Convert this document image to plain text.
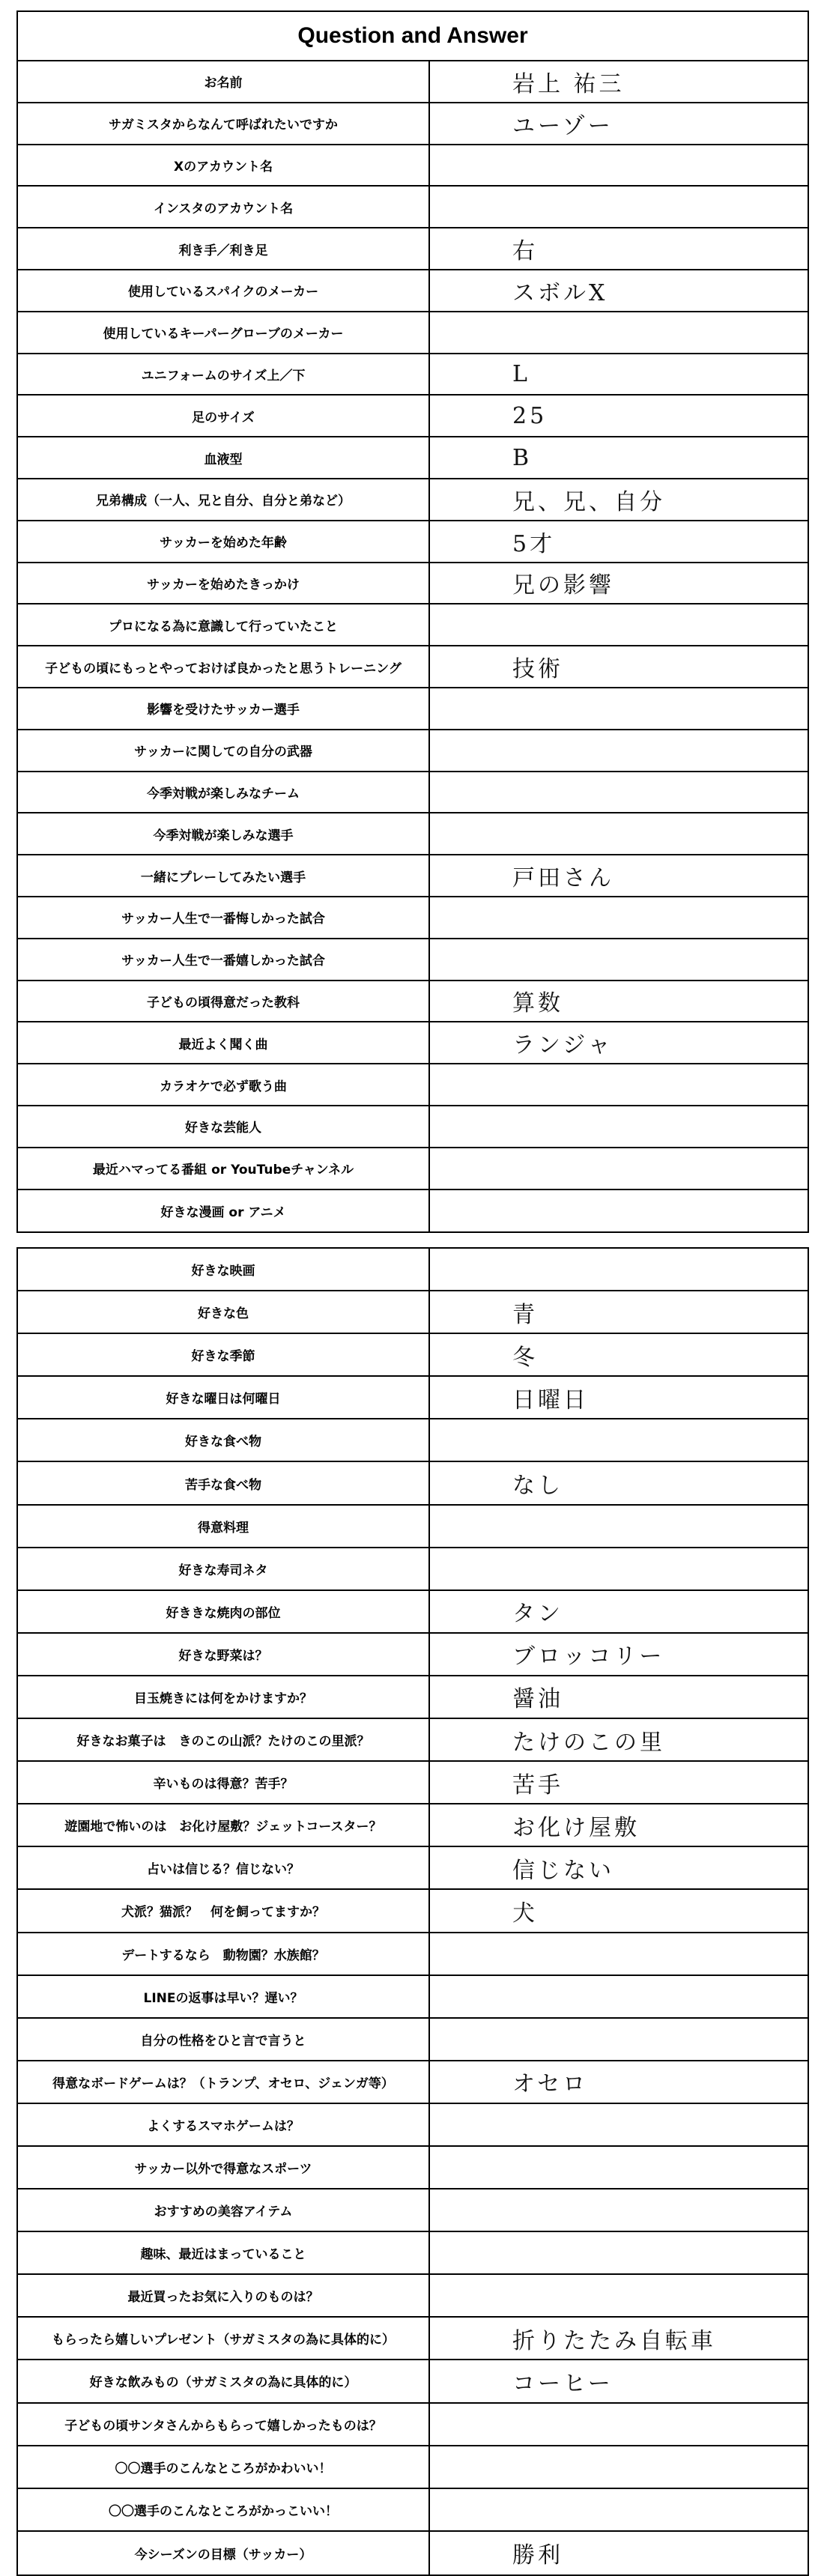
Question and Answer
お名前	岩上 祐三
サガミスタからなんて呼ばれたいですか	ユーゾー
Xのアカウント名
インスタのアカウント名
利き手／利き足	右
使用しているスパイクのメーカー	スボルX
使用しているキーパーグローブのメーカー
ユニフォームのサイズ上／下	L
足のサイズ	25
血液型	B
兄弟構成（一人、兄と自分、自分と弟など）	兄、兄、自分
サッカーを始めた年齢	5才
サッカーを始めたきっかけ	兄の影響
プロになる為に意識して行っていたこと
子どもの頃にもっとやっておけば良かったと思うトレーニング	技術
影響を受けたサッカー選手
サッカーに関しての自分の武器
今季対戦が楽しみなチーム
今季対戦が楽しみな選手
一緒にプレーしてみたい選手	戸田さん
サッカー人生で一番悔しかった試合
サッカー人生で一番嬉しかった試合
子どもの頃得意だった教科	算数
最近よく聞く曲	ランジャ
カラオケで必ず歌う曲
好きな芸能人
最近ハマってる番組 or YouTubeチャンネル
好きな漫画 or アニメ
好きな映画
好きな色	青
好きな季節	冬
好きな曜日は何曜日	日曜日
好きな食べ物
苦手な食べ物	なし
得意料理
好きな寿司ネタ
好ききな焼肉の部位	タン
好きな野菜は？	ブロッコリー
目玉焼きには何をかけますか？	醤油
好きなお菓子は　きのこの山派？たけのこの里派？	たけのこの里
辛いものは得意？苦手？	苦手
遊園地で怖いのは　お化け屋敷？ジェットコースター？	お化け屋敷
占いは信じる？信じない？	信じない
犬派？猫派？　何を飼ってますか？	犬
デートするなら　動物園？水族館？
LINEの返事は早い？遅い？
自分の性格をひと言で言うと
得意なボードゲームは？（トランプ、オセロ、ジェンガ等）	オセロ
よくするスマホゲームは？
サッカー以外で得意なスポーツ
おすすめの美容アイテム
趣味、最近はまっていること
最近買ったお気に入りのものは？
もらったら嬉しいプレゼント（サガミスタの為に具体的に）	折りたたみ自転車
好きな飲みもの（サガミスタの為に具体的に）	コーヒー
子どもの頃サンタさんからもらって嬉しかったものは？
〇〇選手のこんなところがかわいい！
〇〇選手のこんなところがかっこいい！
今シーズンの目標（サッカー）	勝利
